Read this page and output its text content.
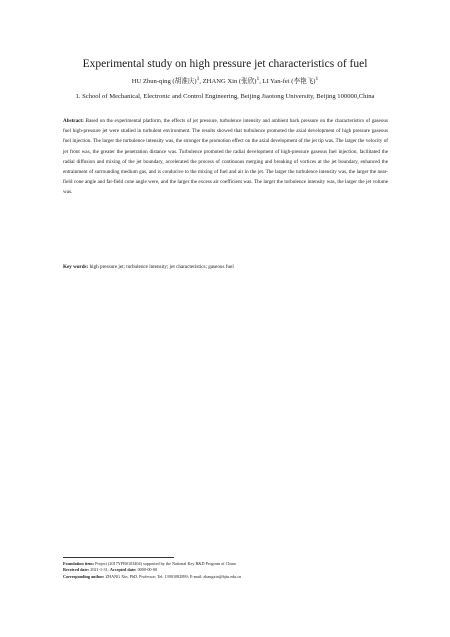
Experimental study on high pressure jet characteristics of fuel
HU Zhun-qing (胡准庆)$^1$, ZHANG Xin (张欣)$^1$, LI Yan-fei (李艳飞)$^1$
1. School of Mechanical, Electronic and Control Engineering, Beijing Jiaotong University, Beijing 100000,China

Abstract: Based on the experimental platform, the effects of jet pressure, turbulence intensity and ambient back pressure on the characteristics of gaseous fuel high-pressure jet were studied in turbulent environment. The results showed that turbulence promoted the axial development of high pressure gaseous fuel injection. The larger the turbulence intensity was, the stronger the promotion effect on the axial development of the jet tip was. The larger the velocity of jet front was, the greater the penetration distance was. Turbulence promoted the radial development of high-pressure gaseous fuel injection, facilitated the radial diffusion and mixing of the jet boundary, accelerated the process of continuous merging and breaking of vortices at the jet boundary, enhanced the entrainment of surrounding medium gas, and is conducive to the mixing of fuel and air in the jet. The larger the turbulence intensity was, the larger the near-field cone angle and far-field cone angle were, and the larger the excess air coefficient was. The larger the turbulence intensity was, the larger the jet volume was.

Key words: high pressure jet; turbulence intensity; jet characteristics; gaseous fuel

Foundation item: Project (2017YFB0103404) supported by the National Key R&D Program of China
Received date: 2021-1-31; Accepted date: 0000-00-00
Corresponding author: ZHANG Xin, PhD, Professor; Tel: 13901082899; E-mail: zhangxin@bjtu.edu.cn
